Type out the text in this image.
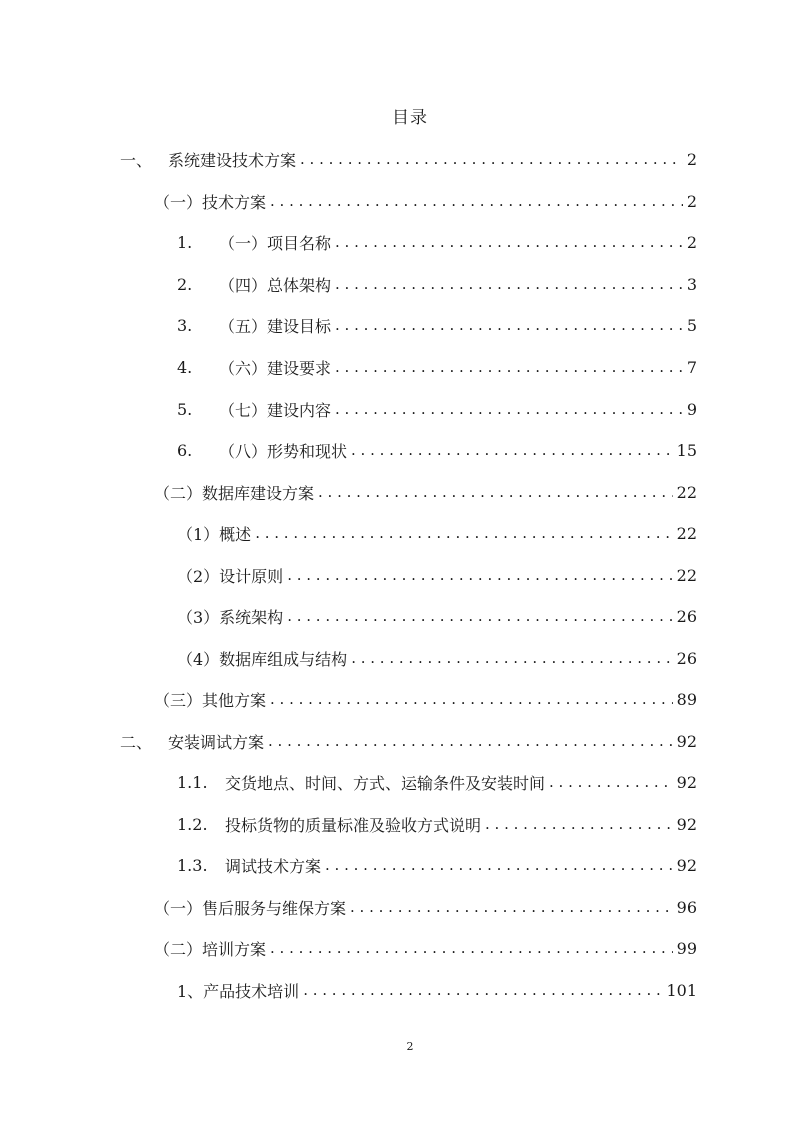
目录
一、 系统建设技术方案 . . .	2
（一）技术方案 . . .	2
1.	（一）项目名称 . . .	2
2.	（四）总体架构 . . .	3
3.	（五）建设目标 . . .	5
4.	（六）建设要求 . . .	7
5.	（七）建设内容 . . .	9
6.	（八）形势和现状 . . .	15
（二）数据库建设方案 . . .	22
（1）概述 . . .	22
（2）设计原则 . . .	22
（3）系统架构 . . .	26
（4）数据库组成与结构 . . .	26
（三）其他方案 . . .	89
二、 安装调试方案 . . .	92
1.1.	交货地点、时间、方式、运输条件及安装时间 . . .	92
1.2.	投标货物的质量标准及验收方式说明 . . .	92
1.3.	调试技术方案 . . .	92
（一）售后服务与维保方案 . . .	96
（二）培训方案 . . .	99
1、产品技术培训 . . .	101
2
